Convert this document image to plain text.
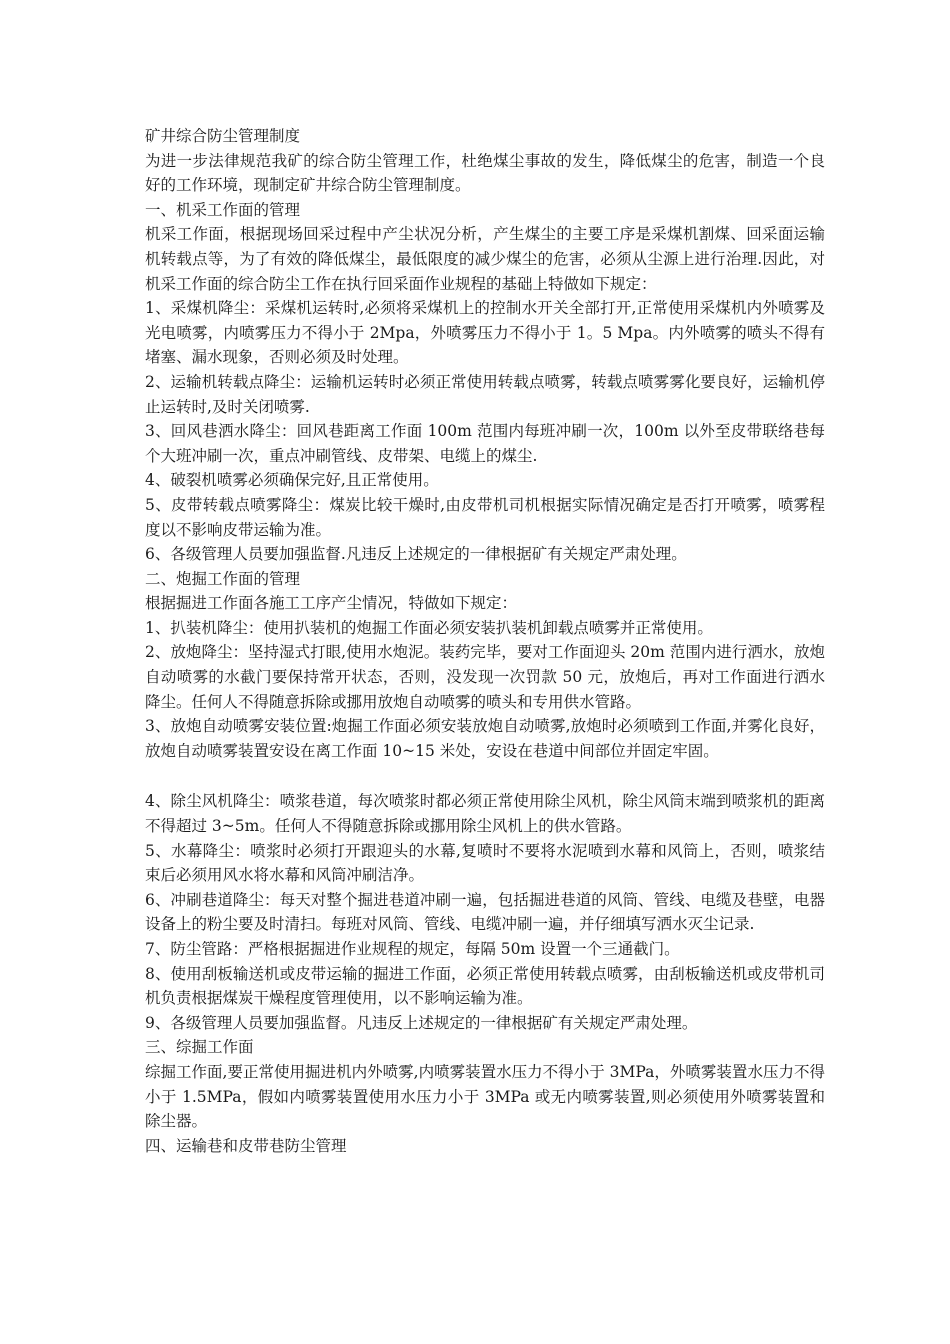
矿井综合防尘管理制度

为进一步法律规范我矿的综合防尘管理工作，杜绝煤尘事故的发生，降低煤尘的危害，制造一个良好的工作环境，现制定矿井综合防尘管理制度。

一、机采工作面的管理

机采工作面，根据现场回采过程中产尘状况分析，产生煤尘的主要工序是采煤机割煤、回采面运输机转载点等，为了有效的降低煤尘，最低限度的减少煤尘的危害，必须从尘源上进行治理.因此，对机采工作面的综合防尘工作在执行回采面作业规程的基础上特做如下规定：

1、采煤机降尘：采煤机运转时,必须将采煤机上的控制水开关全部打开,正常使用采煤机内外喷雾及光电喷雾，内喷雾压力不得小于 2Mpa，外喷雾压力不得小于 1。5 Mpa。内外喷雾的喷头不得有堵塞、漏水现象，否则必须及时处理。

2、运输机转载点降尘：运输机运转时必须正常使用转载点喷雾，转载点喷雾雾化要良好，运输机停止运转时,及时关闭喷雾.

3、回风巷洒水降尘：回风巷距离工作面 100m 范围内每班冲刷一次，100m 以外至皮带联络巷每个大班冲刷一次，重点冲刷管线、皮带架、电缆上的煤尘.

4、破裂机喷雾必须确保完好,且正常使用。

5、皮带转载点喷雾降尘：煤炭比较干燥时,由皮带机司机根据实际情况确定是否打开喷雾，喷雾程度以不影响皮带运输为准。

6、各级管理人员要加强监督.凡违反上述规定的一律根据矿有关规定严肃处理。

二、炮掘工作面的管理

根据掘进工作面各施工工序产尘情况，特做如下规定：

1、扒装机降尘：使用扒装机的炮掘工作面必须安装扒装机卸载点喷雾并正常使用。

2、放炮降尘：坚持湿式打眼,使用水炮泥。装药完毕，要对工作面迎头 20m 范围内进行洒水，放炮自动喷雾的水截门要保持常开状态，否则，没发现一次罚款 50 元，放炮后，再对工作面进行洒水降尘。任何人不得随意拆除或挪用放炮自动喷雾的喷头和专用供水管路。

3、放炮自动喷雾安装位置:炮掘工作面必须安装放炮自动喷雾,放炮时必须喷到工作面,并雾化良好，放炮自动喷雾装置安设在离工作面 10~15 米处，安设在巷道中间部位并固定牢固。

4、除尘风机降尘：喷浆巷道，每次喷浆时都必须正常使用除尘风机，除尘风筒末端到喷浆机的距离不得超过 3~5m。任何人不得随意拆除或挪用除尘风机上的供水管路。

5、水幕降尘：喷浆时必须打开跟迎头的水幕,复喷时不要将水泥喷到水幕和风筒上，否则，喷浆结束后必须用风水将水幕和风筒冲刷洁净。

6、冲刷巷道降尘：每天对整个掘进巷道冲刷一遍，包括掘进巷道的风筒、管线、电缆及巷壁，电器设备上的粉尘要及时清扫。每班对风筒、管线、电缆冲刷一遍，并仔细填写洒水灭尘记录.

7、防尘管路：严格根据掘进作业规程的规定，每隔 50m 设置一个三通截门。

8、使用刮板输送机或皮带运输的掘进工作面，必须正常使用转载点喷雾，由刮板输送机或皮带机司机负责根据煤炭干燥程度管理使用，以不影响运输为准。

9、各级管理人员要加强监督。凡违反上述规定的一律根据矿有关规定严肃处理。

三、综掘工作面

综掘工作面,要正常使用掘进机内外喷雾,内喷雾装置水压力不得小于 3MPa，外喷雾装置水压力不得小于 1.5MPa，假如内喷雾装置使用水压力小于 3MPa 或无内喷雾装置,则必须使用外喷雾装置和除尘器。

四、运输巷和皮带巷防尘管理
